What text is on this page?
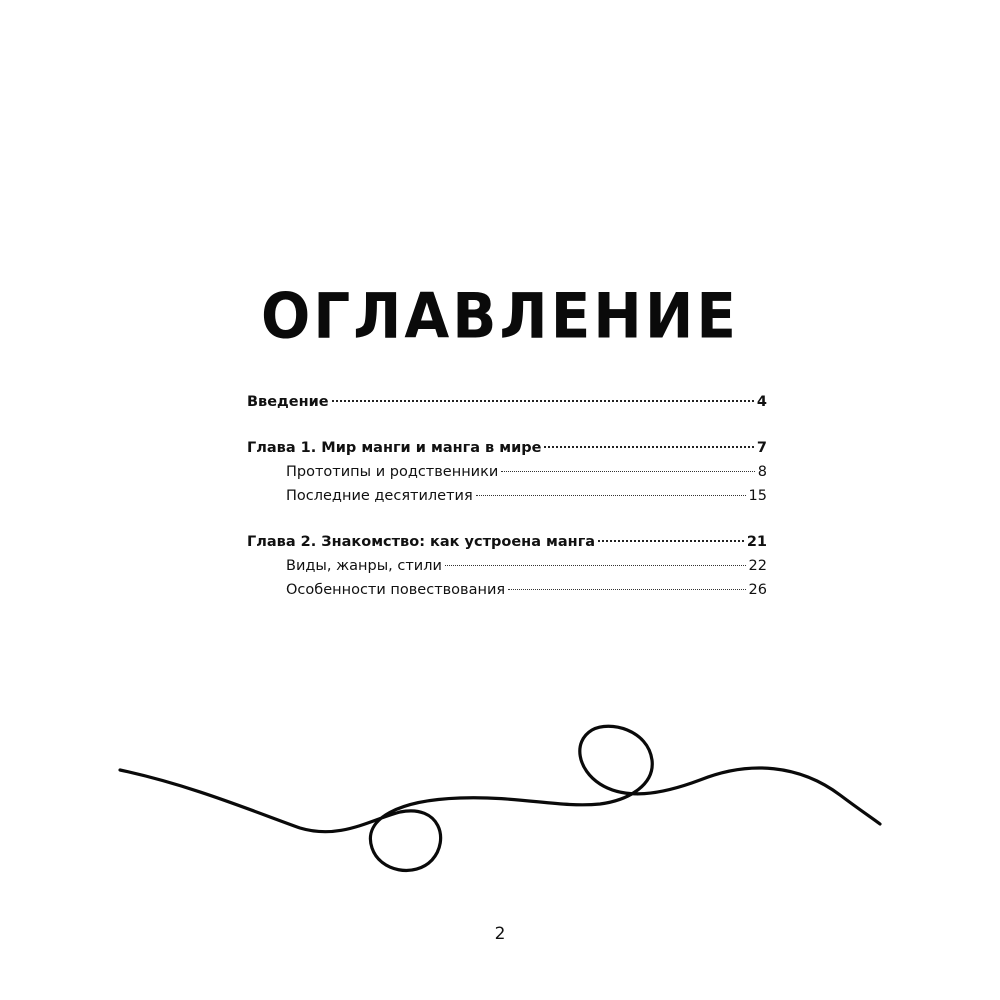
ОГЛАВЛЕНИЕ
Введение	4
Глава 1. Мир манги и манга в мире	7
Прототипы и родственники	8
Последние десятилетия	15
Глава 2. Знакомство: как устроена манга	21
Виды, жанры, стили	22
Особенности повествования	26
2
